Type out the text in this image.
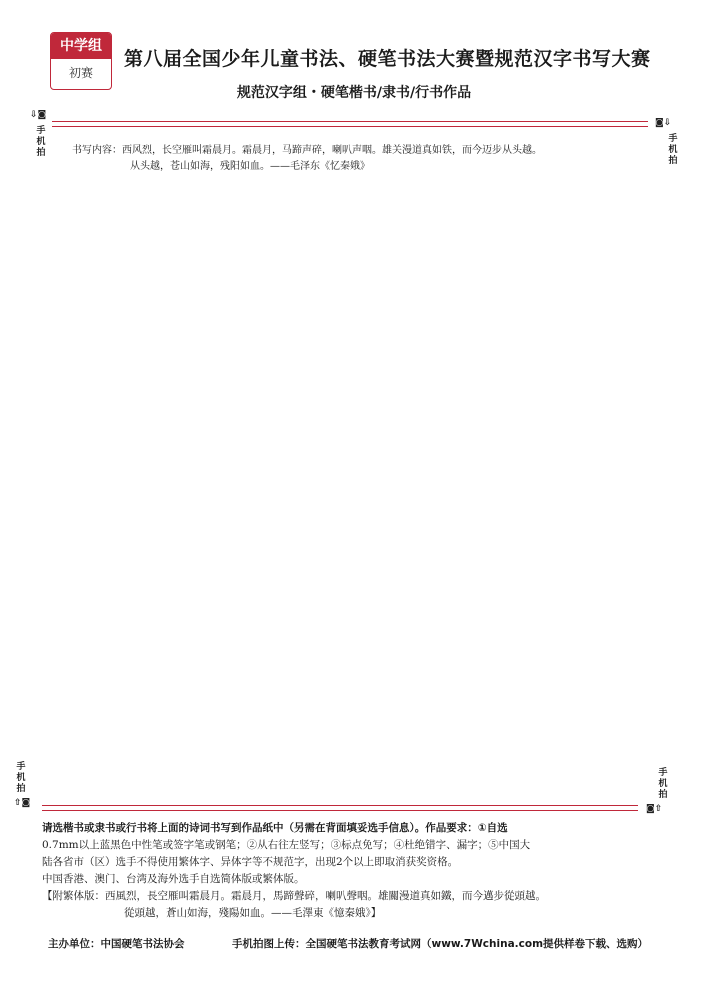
中学组
初赛
第八届全国少年儿童书法、硬笔书法大赛暨规范汉字书写大赛
规范汉字组・硬笔楷书/隶书/行书作品
⇩◙
手机拍
◙⇩
手机拍
书写内容：西风烈，长空雁叫霜晨月。霜晨月，马蹄声碎，喇叭声咽。雄关漫道真如铁，而今迈步从头越。
从头越，苍山如海，残阳如血。——毛泽东《忆秦娥》
手机拍
⇧◙
手机拍
◙⇧
请选楷书或隶书或行书将上面的诗词书写到作品纸中（另需在背面填妥选手信息）。作品要求：①自选
0.7mm以上蓝黑色中性笔或签字笔或钢笔；②从右往左竖写；③标点免写；④杜绝错字、漏字；⑤中国大
陆各省市（区）选手不得使用繁体字、异体字等不规范字，出现2个以上即取消获奖资格。
中国香港、澳门、台湾及海外选手自选简体版或繁体版。
【附繁体版：西風烈，長空雁叫霜晨月。霜晨月，馬蹄聲碎，喇叭聲咽。雄關漫道真如鐵，而今邁步從頭越。
從頭越，蒼山如海，殘陽如血。——毛澤東《憶秦娥》】
主办单位：中国硬笔书法协会	手机拍图上传：全国硬笔书法教育考试网（www.7Wchina.com提供样卷下载、选购）
